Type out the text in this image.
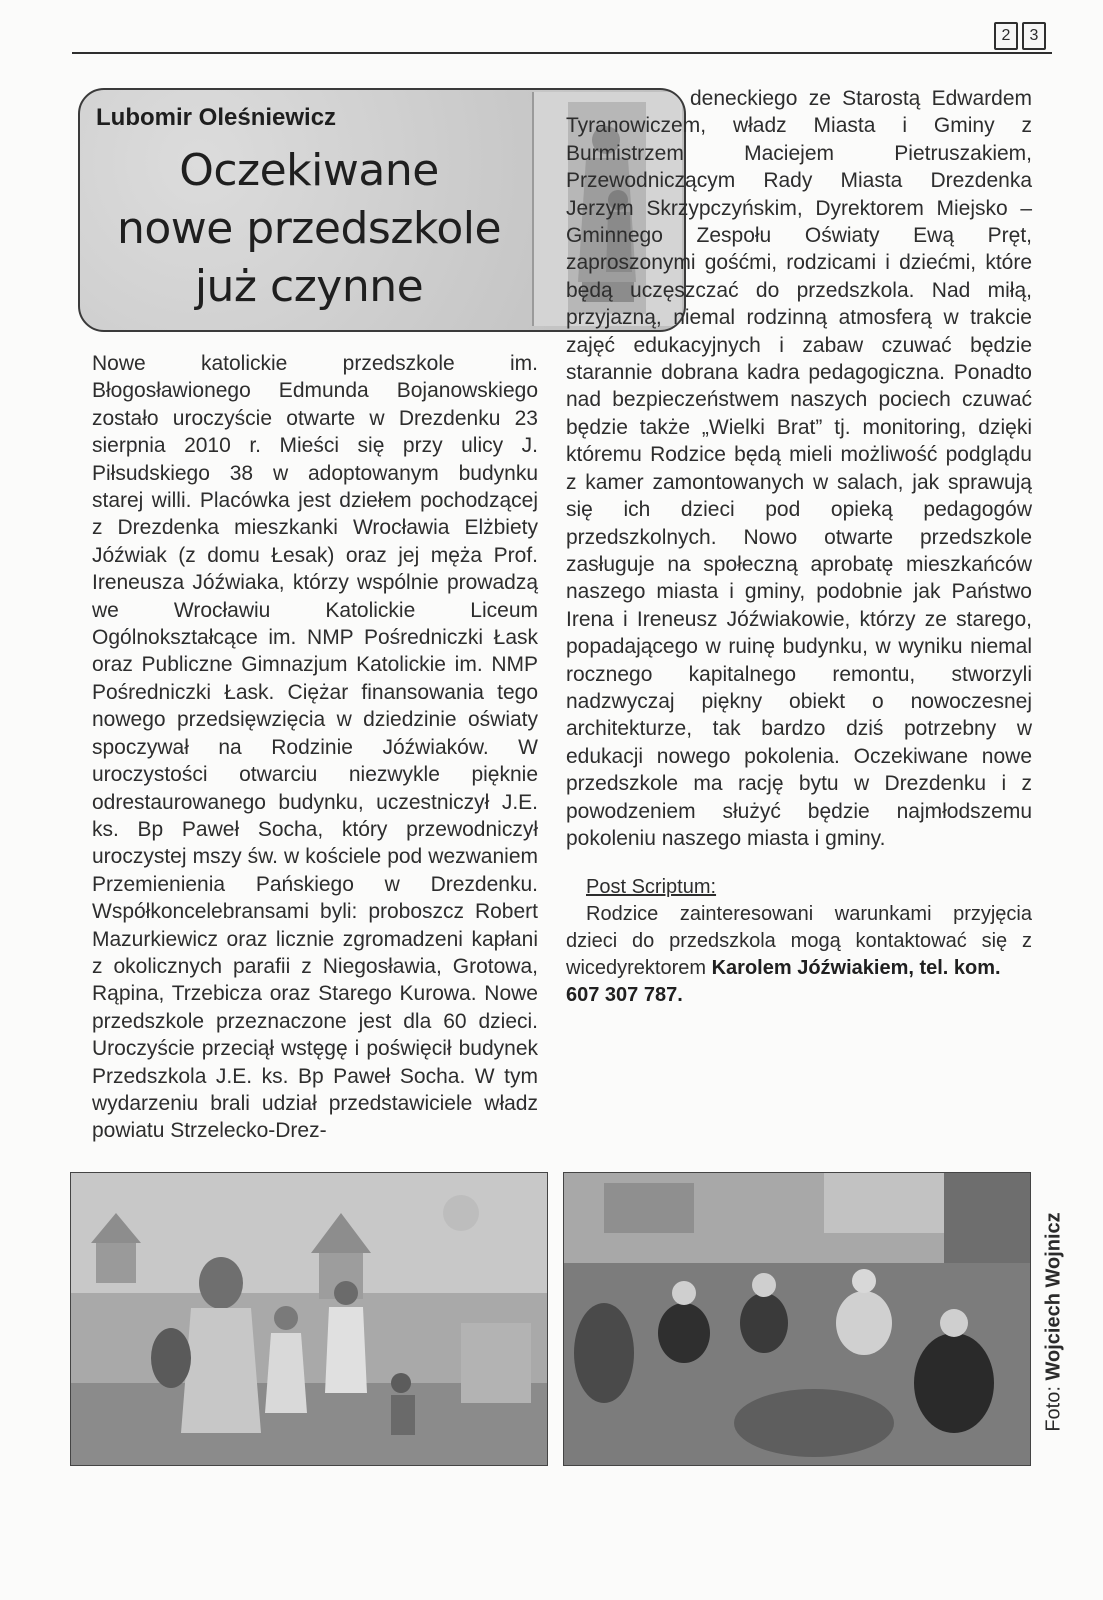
2	3
Lubomir Oleśniewicz
Oczekiwane
nowe przedszkole
już czynne
Nowe katolickie przedszkole im. Błogosławionego Edmunda Bojanowskiego zostało uroczyście otwarte w Drezdenku 23 sierpnia 2010 r. Mieści się przy ulicy J. Piłsudskiego 38 w adoptowanym budynku starej willi. Placówka jest dziełem pochodzącej z Drezdenka mieszkanki Wrocławia Elżbiety Jóźwiak (z domu Łesak) oraz jej męża Prof. Ireneusza Jóźwiaka, którzy wspólnie prowadzą we Wrocławiu Katolickie Liceum Ogólnokształcące im. NMP Pośredniczki Łask oraz Publiczne Gimnazjum Katolickie im. NMP Pośredniczki Łask. Ciężar finansowania tego nowego przedsięwzięcia w dziedzinie oświaty spoczywał na Rodzinie Jóźwiaków. W uroczystości otwarciu niezwykle pięknie odrestaurowanego budynku, uczestniczył J.E. ks. Bp Paweł Socha, który przewodniczył uroczystej mszy św. w kościele pod wezwaniem Przemienienia Pańskiego w Drezdenku. Współkoncelebransami byli: proboszcz Robert Mazurkiewicz oraz licznie zgromadzeni kapłani z okolicznych parafii z Niegosławia, Grotowa, Rąpina, Trzebicza oraz Starego Kurowa. Nowe przedszkole przeznaczone jest dla 60 dzieci. Uroczyście przeciął wstęgę i poświęcił budynek Przedszkola J.E. ks. Bp Paweł Socha. W tym wydarzeniu brali udział przedstawiciele władz powiatu Strzelecko-Drez-

deneckiego ze Starostą Edwardem Tyranowiczem, władz Miasta i Gminy z Burmistrzem Maciejem Pietruszakiem, Przewodniczącym Rady Miasta Drezdenka Jerzym Skrzypczyńskim, Dyrektorem Miejsko – Gminnego Zespołu Oświaty Ewą Pręt, zaproszonymi gośćmi, rodzicami i dziećmi, które będą uczęszczać do przedszkola. Nad miłą, przyjazną, niemal rodzinną atmosferą w trakcie zajęć edukacyjnych i zabaw czuwać będzie starannie dobrana kadra pedagogiczna. Ponadto nad bezpieczeństwem naszych pociech czuwać będzie także „Wielki Brat” tj. monitoring, dzięki któremu Rodzice będą mieli możliwość podglądu z kamer zamontowanych w salach, jak sprawują się ich dzieci pod opieką pedagogów przedszkolnych. Nowo otwarte przedszkole zasługuje na społeczną aprobatę mieszkańców naszego miasta i gminy, podobnie jak Państwo Irena i Ireneusz Jóźwiakowie, którzy ze starego, popadającego w ruinę budynku, w wyniku niemal rocznego kapitalnego remontu, stworzyli nadzwyczaj piękny obiekt o nowoczesnej architekturze, tak bardzo dziś potrzebny w edukacji nowego pokolenia. Oczekiwane nowe przedszkole ma rację bytu w Drezdenku i z powodzeniem służyć będzie najmłodszemu pokoleniu naszego miasta i gminy.

Post Scriptum:

Rodzice zainteresowani warunkami przyjęcia dzieci do przedszkola mogą kontaktować się z wicedyrektorem Karolem Jóźwiakiem, tel. kom.

607 307 787.
Foto: Wojciech Wojnicz
